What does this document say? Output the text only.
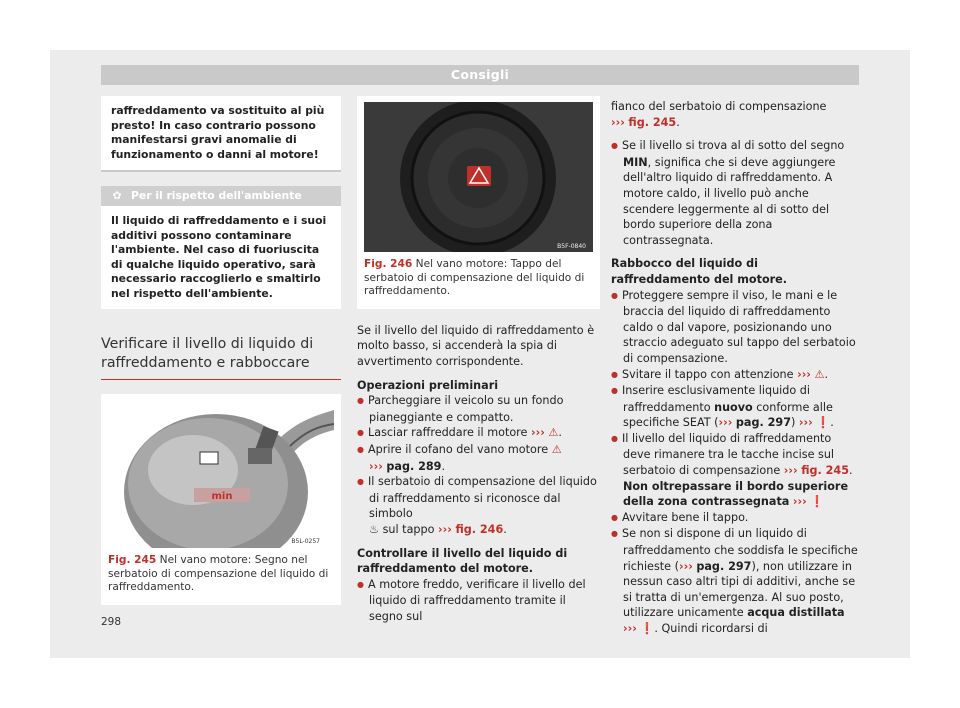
Consigli
raffreddamento va sostituito al più presto! In caso contrario possono manifestarsi gravi anomalie di funzionamento o danni al motore!
✿ Per il rispetto dell'ambiente
Il liquido di raffreddamento e i suoi additivi possono contaminare l'ambiente. Nel caso di fuoriuscita di qualche liquido operativo, sarà necessario raccoglierlo e smaltirlo nel rispetto dell'ambiente.
Verificare il livello di liquido di raffreddamento e rabboccare
min
B5L-0257
Fig. 245 Nel vano motore: Segno nel serbatoio di compensazione del liquido di raffreddamento.
B5F-0840
Fig. 246 Nel vano motore: Tappo del serbatoio di compensazione del liquido di raffreddamento.

Se il livello del liquido di raffreddamento è molto basso, si accenderà la spia di avvertimento corrispondente.

Operazioni preliminari

● Parcheggiare il veicolo su un fondo pianeggiante e compatto.

● Lasciar raffreddare il motore ››› ⚠.

● Aprire il cofano del vano motore ⚠
››› pag. 289.

● Il serbatoio di compensazione del liquido di raffreddamento si riconosce dal simbolo
♨ sul tappo ››› fig. 246.

Controllare il livello del liquido di raffreddamento del motore.

● A motore freddo, verificare il livello del liquido di raffreddamento tramite il segno sul

fianco del serbatoio di compensazione
››› fig. 245.

● Se il livello si trova al di sotto del segno MIN, significa che si deve aggiungere dell'altro liquido di raffreddamento. A motore caldo, il livello può anche scendere leggermente al di sotto del bordo superiore della zona contrassegnata.

Rabbocco del liquido di raffreddamento del motore.

● Proteggere sempre il viso, le mani e le braccia del liquido di raffreddamento caldo o dal vapore, posizionando uno straccio adeguato sul tappo del serbatoio di compensazione.

● Svitare il tappo con attenzione ››› ⚠.

● Inserire esclusivamente liquido di raffreddamento nuovo conforme alle specifiche SEAT (››› pag. 297) ››› ❗.

● Il livello del liquido di raffreddamento deve rimanere tra le tacche incise sul serbatoio di compensazione ››› fig. 245. Non oltrepassare il bordo superiore della zona contrassegnata ››› ❗

● Avvitare bene il tappo.

● Se non si dispone di un liquido di raffreddamento che soddisfa le specifiche richieste (››› pag. 297), non utilizzare in nessun caso altri tipi di additivi, anche se si tratta di un'emergenza. Al suo posto, utilizzare unicamente acqua distillata ››› ❗. Quindi ricordarsi di

298
